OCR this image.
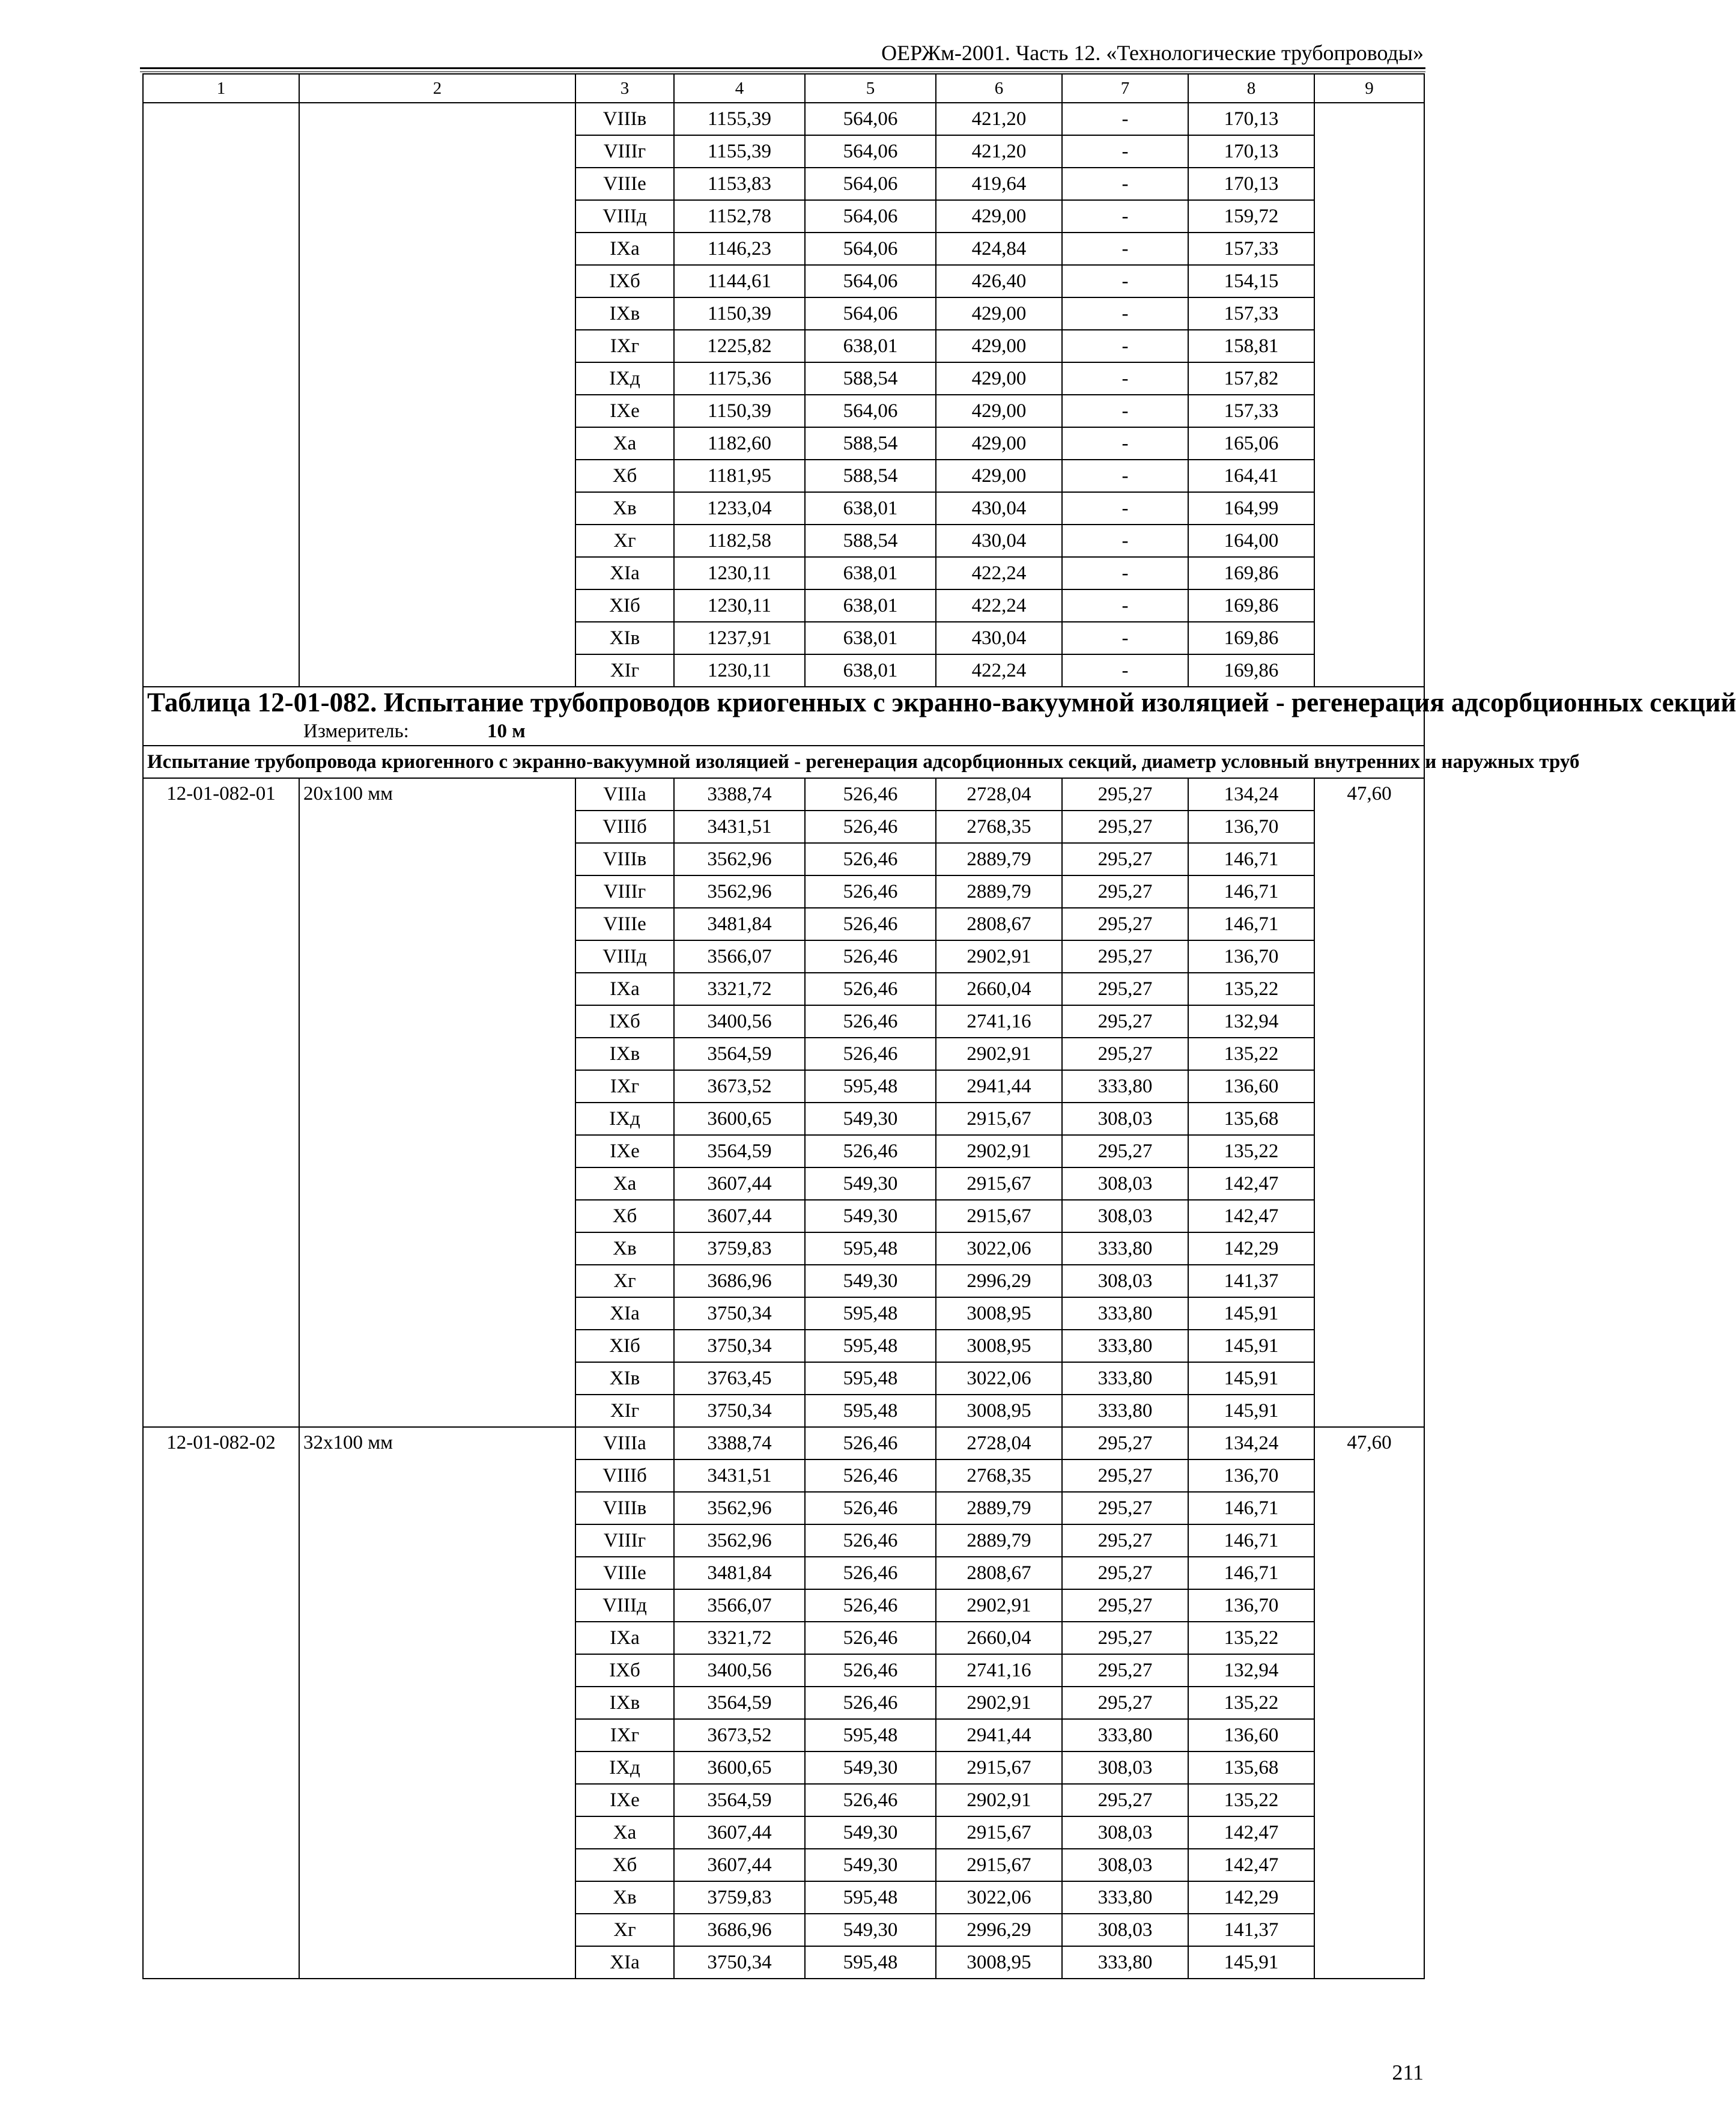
ОЕРЖм-2001. Часть 12. «Технологические трубопроводы»
1	2	3	4	5	6	7	8	9
		VIIIв	1155,39	564,06	421,20	-	170,13	
		VIIIг	1155,39	564,06	421,20	-	170,13	
		VIIIе	1153,83	564,06	419,64	-	170,13	
		VIIIд	1152,78	564,06	429,00	-	159,72	
		IXа	1146,23	564,06	424,84	-	157,33	
		IXб	1144,61	564,06	426,40	-	154,15	
		IXв	1150,39	564,06	429,00	-	157,33	
		IXг	1225,82	638,01	429,00	-	158,81	
		IXд	1175,36	588,54	429,00	-	157,82	
		IXе	1150,39	564,06	429,00	-	157,33	
		Xа	1182,60	588,54	429,00	-	165,06	
		Xб	1181,95	588,54	429,00	-	164,41	
		Xв	1233,04	638,01	430,04	-	164,99	
		Xг	1182,58	588,54	430,04	-	164,00	
		XIа	1230,11	638,01	422,24	-	169,86	
		XIб	1230,11	638,01	422,24	-	169,86	
		XIв	1237,91	638,01	430,04	-	169,86	
		XIг	1230,11	638,01	422,24	-	169,86	

Таблица 12-01-082. Испытание трубопроводов криогенных с экранно-вакуумной изоляцией - регенерация адсорбционных секций
Измеритель: 10 м								

Испытание трубопровода криогенного с экранно-вакуумной изоляцией - регенерация адсорбционных секций, диаметр условный внутренних и наружных труб								
12-01-082-01	20х100 мм	VIIIа	3388,74	526,46	2728,04	295,27	134,24	47,60
		VIIIб	3431,51	526,46	2768,35	295,27	136,70	
		VIIIв	3562,96	526,46	2889,79	295,27	146,71	
		VIIIг	3562,96	526,46	2889,79	295,27	146,71	
		VIIIе	3481,84	526,46	2808,67	295,27	146,71	
		VIIIд	3566,07	526,46	2902,91	295,27	136,70	
		IXа	3321,72	526,46	2660,04	295,27	135,22	
		IXб	3400,56	526,46	2741,16	295,27	132,94	
		IXв	3564,59	526,46	2902,91	295,27	135,22	
		IXг	3673,52	595,48	2941,44	333,80	136,60	
		IXд	3600,65	549,30	2915,67	308,03	135,68	
		IXе	3564,59	526,46	2902,91	295,27	135,22	
		Xа	3607,44	549,30	2915,67	308,03	142,47	
		Xб	3607,44	549,30	2915,67	308,03	142,47	
		Xв	3759,83	595,48	3022,06	333,80	142,29	
		Xг	3686,96	549,30	2996,29	308,03	141,37	
		XIа	3750,34	595,48	3008,95	333,80	145,91	
		XIб	3750,34	595,48	3008,95	333,80	145,91	
		XIв	3763,45	595,48	3022,06	333,80	145,91	
		XIг	3750,34	595,48	3008,95	333,80	145,91	
12-01-082-02	32х100 мм	VIIIа	3388,74	526,46	2728,04	295,27	134,24	47,60
		VIIIб	3431,51	526,46	2768,35	295,27	136,70	
		VIIIв	3562,96	526,46	2889,79	295,27	146,71	
		VIIIг	3562,96	526,46	2889,79	295,27	146,71	
		VIIIе	3481,84	526,46	2808,67	295,27	146,71	
		VIIIд	3566,07	526,46	2902,91	295,27	136,70	
		IXа	3321,72	526,46	2660,04	295,27	135,22	
		IXб	3400,56	526,46	2741,16	295,27	132,94	
		IXв	3564,59	526,46	2902,91	295,27	135,22	
		IXг	3673,52	595,48	2941,44	333,80	136,60	
		IXд	3600,65	549,30	2915,67	308,03	135,68	
		IXе	3564,59	526,46	2902,91	295,27	135,22	
		Xа	3607,44	549,30	2915,67	308,03	142,47	
		Xб	3607,44	549,30	2915,67	308,03	142,47	
		Xв	3759,83	595,48	3022,06	333,80	142,29	
		Xг	3686,96	549,30	2996,29	308,03	141,37	
		XIа	3750,34	595,48	3008,95	333,80	145,91	
211
